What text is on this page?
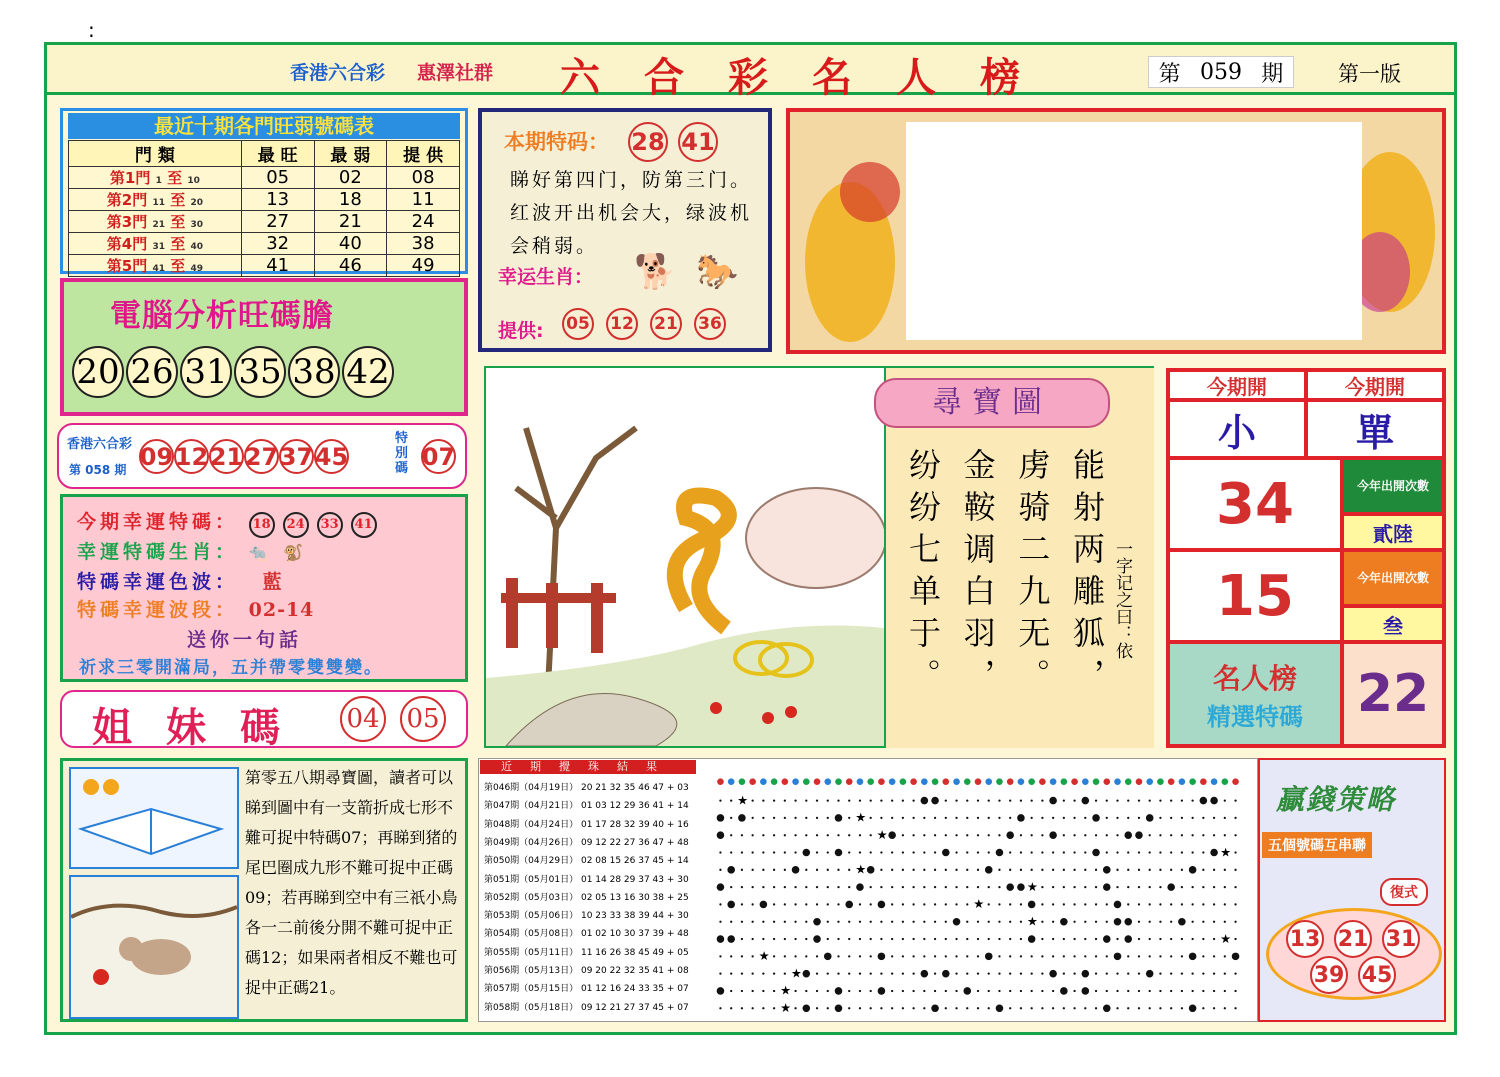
:
香港六合彩 惠澤社群 六合彩名人榜	第 059 期	第一版
最近十期各門旺弱號碼表
門 類	最 旺	最 弱	提 供
第1門 1 至 10	05	02	08
第2門 11 至 20	13	18	11
第3門 21 至 30	27	21	24
第4門 31 至 40	32	40	38
第5門 41 至 49	41	46	49
電腦分析旺碼膽
20 26 31 35 38 42
香港六合彩
第 058 期 09 12 21 27 37 45
特別碼 07
今期幸運特碼： 18 24 33 41
幸運特碼生肖： 🐀 🐒
特碼幸運色波： 藍
特碼幸運波段： 02-14
送你一句話
祈求三零開滿局，五并帶零雙雙變。
姐妹碼 04 05
本期特码： 28 41
睇好第四门，防第三门。红波开出机会大，绿波机会稍弱。
幸运生肖： 🐕 🐎
提供: 05 12 21 36
尋寶圖
能射两雕狐，
虏骑二九无。
金鞍调白羽，
纷纷七单于。	一字记之曰：依
今期開	今期開
小	單
34	今年出開次數
貳陸
15	今年出開次數
叁
名人榜
精選特碼 22
第零五八期尋寶圖，讀者可以睇到圖中有一支箭折成七形不難可捉中特碼07；再睇到猪的尾巴圈成九形不難可捉中正碼09；若再睇到空中有三祇小鳥各一二前後分開不難可捉中正碼12；如果兩者相反不難也可捉中正碼21。
近期攪珠結果
第046期（04月19日） 20 21 32 35 46 47 + 03
第047期（04月21日） 01 03 12 29 36 41 + 14
第048期（04月24日） 01 17 28 32 39 40 + 16
第049期（04月26日） 09 12 22 27 36 47 + 48
第050期（04月29日） 02 08 15 26 37 45 + 14
第051期（05月01日） 01 14 28 29 37 43 + 30
第052期（05月03日） 02 05 13 16 30 38 + 25
第053期（05月06日） 10 23 33 38 39 44 + 30
第054期（05月08日） 01 02 10 30 37 39 + 48
第055期（05月11日） 11 16 26 38 45 49 + 05
第056期（05月13日） 09 20 22 32 35 41 + 08
第057期（05月15日） 01 12 16 24 33 35 + 07
第058期（05月18日） 09 12 21 27 37 45 + 07
★
★
★
★
★
★
★
★
★
★
★
★
★
贏錢策略
五個號碼互串聯
復式
13 21 31
39 45
